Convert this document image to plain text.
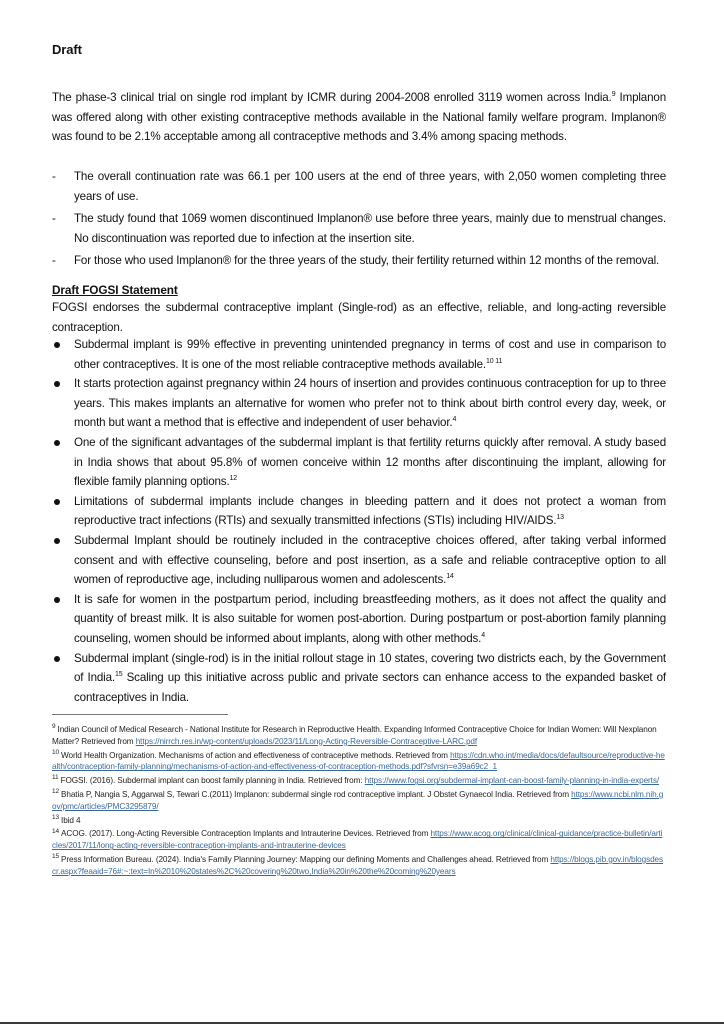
Draft

The phase-3 clinical trial on single rod implant by ICMR during 2004-2008 enrolled 3119 women across India.$^9$ Implanon was offered along with other existing contraceptive methods available in the National family welfare program. Implanon® was found to be 2.1% acceptable among all contraceptive methods and 3.4% among spacing methods.

- The overall continuation rate was 66.1 per 100 users at the end of three years, with 2,050 women completing three years of use.
- The study found that 1069 women discontinued Implanon® use before three years, mainly due to menstrual changes. No discontinuation was reported due to infection at the insertion site.
- For those who used Implanon® for the three years of the study, their fertility returned within 12 months of the removal.
Draft FOGSI Statement

FOGSI endorses the subdermal contraceptive implant (Single-rod) as an effective, reliable, and long-acting reversible contraception.

Subdermal implant is 99% effective in preventing unintended pregnancy in terms of cost and use in comparison to other contraceptives. It is one of the most reliable contraceptive methods available.$^{10 11}$
It starts protection against pregnancy within 24 hours of insertion and provides continuous contraception for up to three years. This makes implants an alternative for women who prefer not to think about birth control every day, week, or month but want a method that is effective and independent of user behavior.$^4$
One of the significant advantages of the subdermal implant is that fertility returns quickly after removal. A study based in India shows that about 95.8% of women conceive within 12 months after discontinuing the implant, allowing for flexible family planning options.$^{12}$
Limitations of subdermal implants include changes in bleeding pattern and it does not protect a woman from reproductive tract infections (RTIs) and sexually transmitted infections (STIs) including HIV/AIDS.$^{13}$
Subdermal Implant should be routinely included in the contraceptive choices offered, after taking verbal informed consent and with effective counseling, before and post insertion, as a safe and reliable contraceptive option to all women of reproductive age, including nulliparous women and adolescents.$^{14}$
It is safe for women in the postpartum period, including breastfeeding mothers, as it does not affect the quality and quantity of breast milk. It is also suitable for women post-abortion. During postpartum or post-abortion family planning counseling, women should be informed about implants, along with other methods.$^4$
Subdermal implant (single-rod) is in the initial rollout stage in 10 states, covering two districts each, by the Government of India.$^{15}$ Scaling up this initiative across public and private sectors can enhance access to the expanded basket of contraceptives in India.
$^9$ Indian Council of Medical Research - National Institute for Research in Reproductive Health. Expanding Informed Contraceptive Choice for Indian Women: Will Nexplanon Matter? Retrieved from https://nirrch.res.in/wp-content/uploads/2023/11/Long-Acting-Reversible-Contraceptive-LARC.pdf
$^{10}$ World Health Organization. Mechanisms of action and effectiveness of contraceptive methods. Retrieved from https://cdn.who.int/media/docs/defaultsource/reproductive-health/contraception-family-planning/mechanisms-of-action-and-effectiveness-of-contraception-methods.pdf?sfvrsn=e39a69c2_1
$^{11}$ FOGSI. (2016). Subdermal implant can boost family planning in India. Retrieved from: https://www.fogsi.org/subdermal-implant-can-boost-family-planning-in-india-experts/
$^{12}$ Bhatia P, Nangia S, Aggarwal S, Tewari C.(2011) Implanon: subdermal single rod contraceptive implant. J Obstet Gynaecol India. Retrieved from https://www.ncbi.nlm.nih.gov/pmc/articles/PMC3295879/
$^{13}$ Ibid 4
$^{14}$ ACOG. (2017). Long-Acting Reversible Contraception Implants and Intrauterine Devices. Retrieved from https://www.acog.org/clinical/clinical-guidance/practice-bulletin/articles/2017/11/long-acting-reversible-contraception-implants-and-intrauterine-devices
$^{15}$ Press Information Bureau. (2024). India's Family Planning Journey: Mapping our defining Moments and Challenges ahead. Retrieved from https://blogs.pib.gov.in/blogsdescr.aspx?feaaid=76#:~:text=In%2010%20states%2C%20covering%20two,India%20in%20the%20coming%20years
